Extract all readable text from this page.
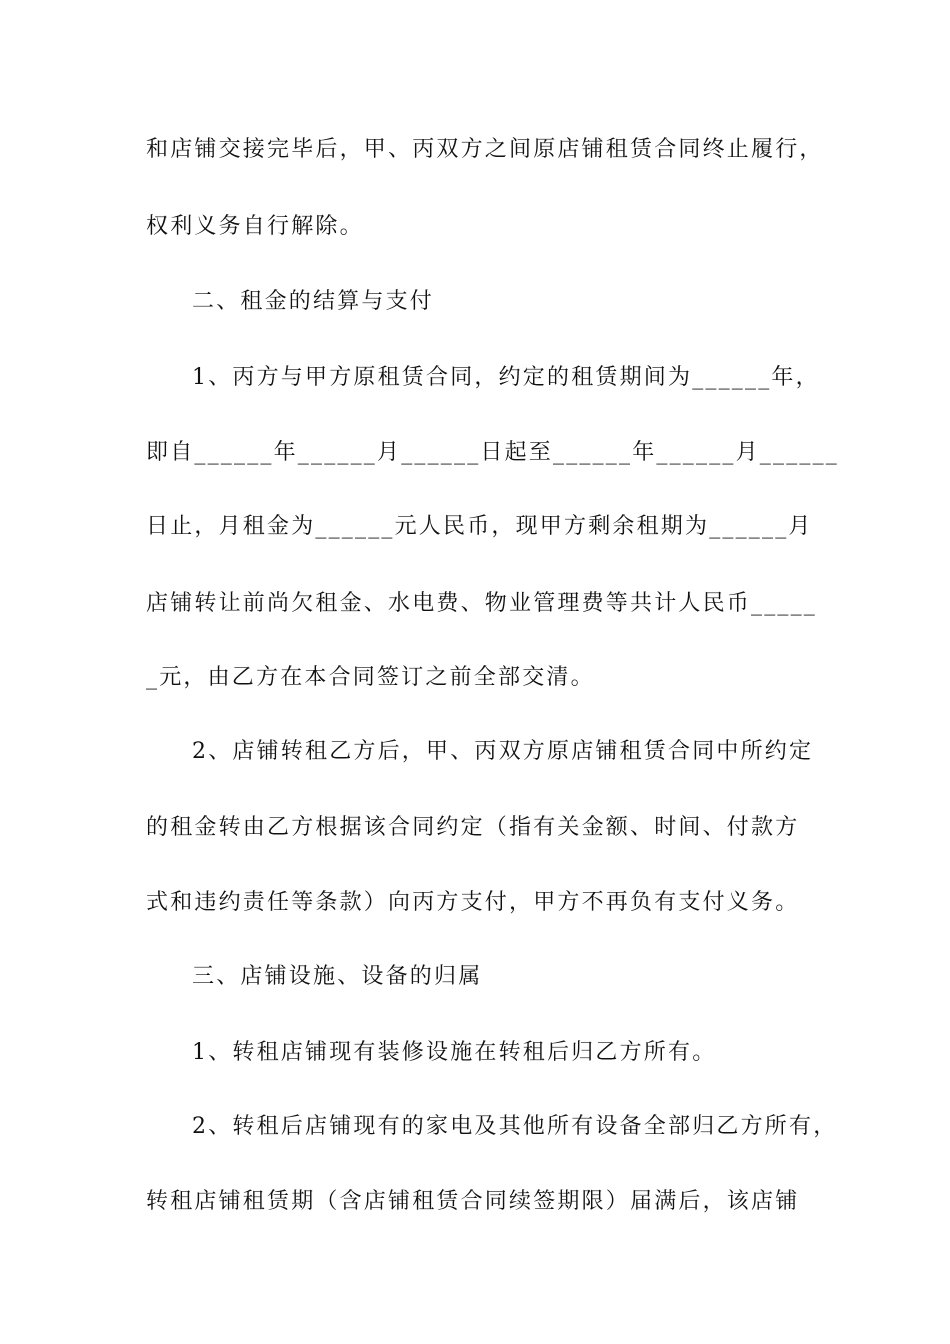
和店铺交接完毕后，甲、丙双方之间原店铺租赁合同终止履行，
权利义务自行解除。
二、租金的结算与支付
1、丙方与甲方原租赁合同，约定的租赁期间为______年，
即自______年______月______日起至______年______月______
日止，月租金为______元人民币，现甲方剩余租期为______月
店铺转让前尚欠租金、水电费、物业管理费等共计人民币_____
_元，由乙方在本合同签订之前全部交清。
2、店铺转租乙方后，甲、丙双方原店铺租赁合同中所约定
的租金转由乙方根据该合同约定（指有关金额、时间、付款方
式和违约责任等条款）向丙方支付，甲方不再负有支付义务。
三、店铺设施、设备的归属
1、转租店铺现有装修设施在转租后归乙方所有。
2、转租后店铺现有的家电及其他所有设备全部归乙方所有，
转租店铺租赁期（含店铺租赁合同续签期限）届满后，该店铺
